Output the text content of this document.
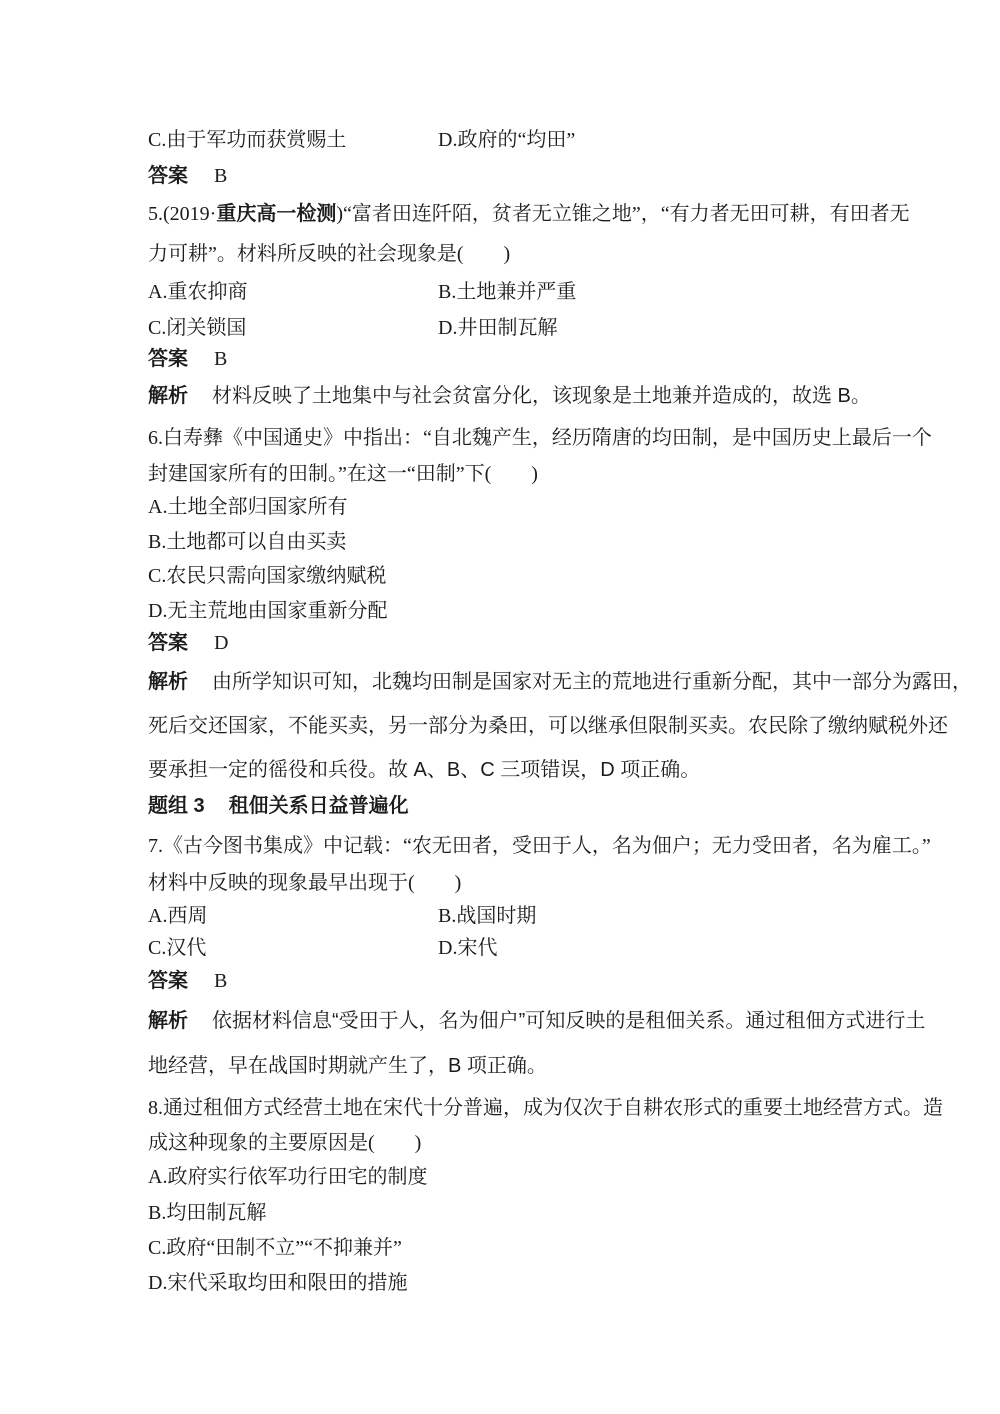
C.由于军功而获赏赐土	D.政府的“均田”
答案 B
5.(2019·重庆高一检测)“富者田连阡陌，贫者无立锥之地”，“有力者无田可耕，有田者无
力可耕”。材料所反映的社会现象是(　　)
A.重农抑商	B.土地兼并严重
C.闭关锁国	D.井田制瓦解
答案 B
解析 材料反映了土地集中与社会贫富分化，该现象是土地兼并造成的，故选 B。
6.白寿彝《中国通史》中指出：“自北魏产生，经历隋唐的均田制，是中国历史上最后一个
封建国家所有的田制。”在这一“田制”下(　　)
A.土地全部归国家所有
B.土地都可以自由买卖
C.农民只需向国家缴纳赋税
D.无主荒地由国家重新分配
答案 D
解析 由所学知识可知，北魏均田制是国家对无主的荒地进行重新分配，其中一部分为露田，
死后交还国家，不能买卖，另一部分为桑田，可以继承但限制买卖。农民除了缴纳赋税外还
要承担一定的徭役和兵役。故 A、B、C 三项错误，D 项正确。
题组 3 租佃关系日益普遍化
7.《古今图书集成》中记载：“农无田者，受田于人，名为佃户；无力受田者，名为雇工。”
材料中反映的现象最早出现于(　　)
A.西周	B.战国时期
C.汉代	D.宋代
答案 B
解析 依据材料信息“受田于人，名为佃户”可知反映的是租佃关系。通过租佃方式进行土
地经营，早在战国时期就产生了，B 项正确。
8.通过租佃方式经营土地在宋代十分普遍，成为仅次于自耕农形式的重要土地经营方式。造
成这种现象的主要原因是(　　)
A.政府实行依军功行田宅的制度
B.均田制瓦解
C.政府“田制不立”“不抑兼并”
D.宋代采取均田和限田的措施
